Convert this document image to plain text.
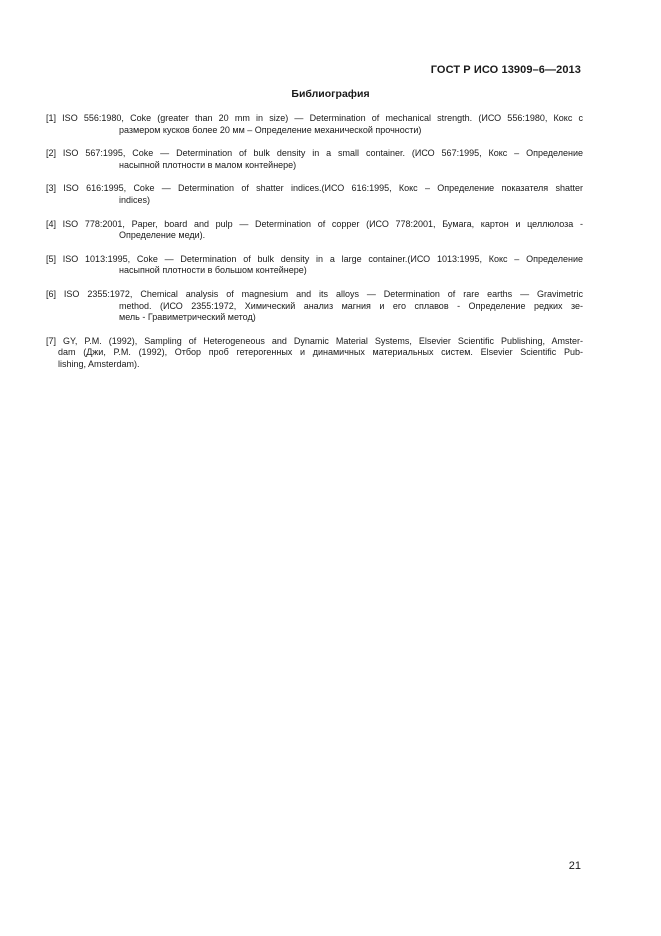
ГОСТ Р ИСО 13909–6—2013
Библиография
[1] ISO 556:1980, Coke (greater than 20 mm in size) — Determination of mechanical strength. (ИСО 556:1980, Кокс с
размером кусков более 20 мм – Определение механической прочности)
[2] ISO 567:1995, Coke — Determination of bulk density in a small container. (ИСО 567:1995, Кокс – Определение
насыпной плотности в малом контейнере)
[3] ISO 616:1995, Coke — Determination of shatter indices.(ИСО 616:1995, Кокс – Определение показателя shatter
indices)
[4] ISO 778:2001, Paper, board and pulp — Determination of copper (ИСО 778:2001, Бумага, картон и целлюлоза -
Определение меди).
[5] ISO 1013:1995, Coke — Determination of bulk density in a large container.(ИСО 1013:1995, Кокс – Определение
насыпной плотности в большом контейнере)
[6] ISO 2355:1972, Chemical analysis of magnesium and its alloys — Determination of rare earths — Gravimetric
method. (ИСО 2355:1972, Химический анализ магния и его сплавов - Определение редких зе-
мель - Гравиметрический метод)
[7] GY, P.M. (1992), Sampling of Heterogeneous and Dynamic Material Systems, Elsevier Scientific Publishing, Amster-
dam (Джи, P.M. (1992), Отбор проб гетерогенных и динамичных материальных систем. Elsevier Scientific Pub-
lishing, Amsterdam).
21
